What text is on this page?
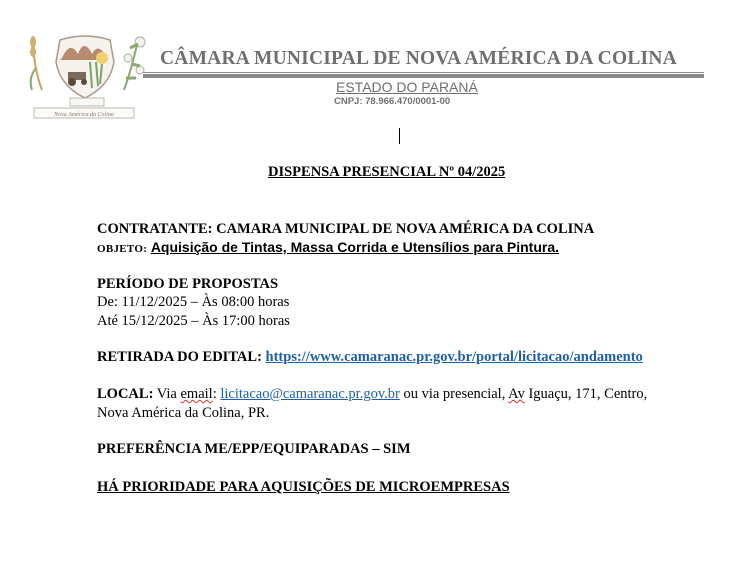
Nova América da Colina
CÂMARA MUNICIPAL DE NOVA AMÉRICA DA COLINA
ESTADO DO PARANÁ
CNPJ: 78.966.470/0001-00
DISPENSA PRESENCIAL Nº 04/2025
CONTRATANTE: CAMARA MUNICIPAL DE NOVA AMÉRICA DA COLINA
OBJETO: Aquisição de Tintas, Massa Corrida e Utensílios para Pintura.
PERÍODO DE PROPOSTAS
De: 11/12/2025 – Às 08:00 horas
Até 15/12/2025 – Às 17:00 horas
RETIRADA DO EDITAL: https://www.camaranac.pr.gov.br/portal/licitacao/andamento
LOCAL: Via email: licitacao@camaranac.pr.gov.br ou via presencial, Av Iguaçu, 171, Centro,
Nova América da Colina, PR.
PREFERÊNCIA ME/EPP/EQUIPARADAS – SIM
HÁ PRIORIDADE PARA AQUISIÇÕES DE MICROEMPRESAS
